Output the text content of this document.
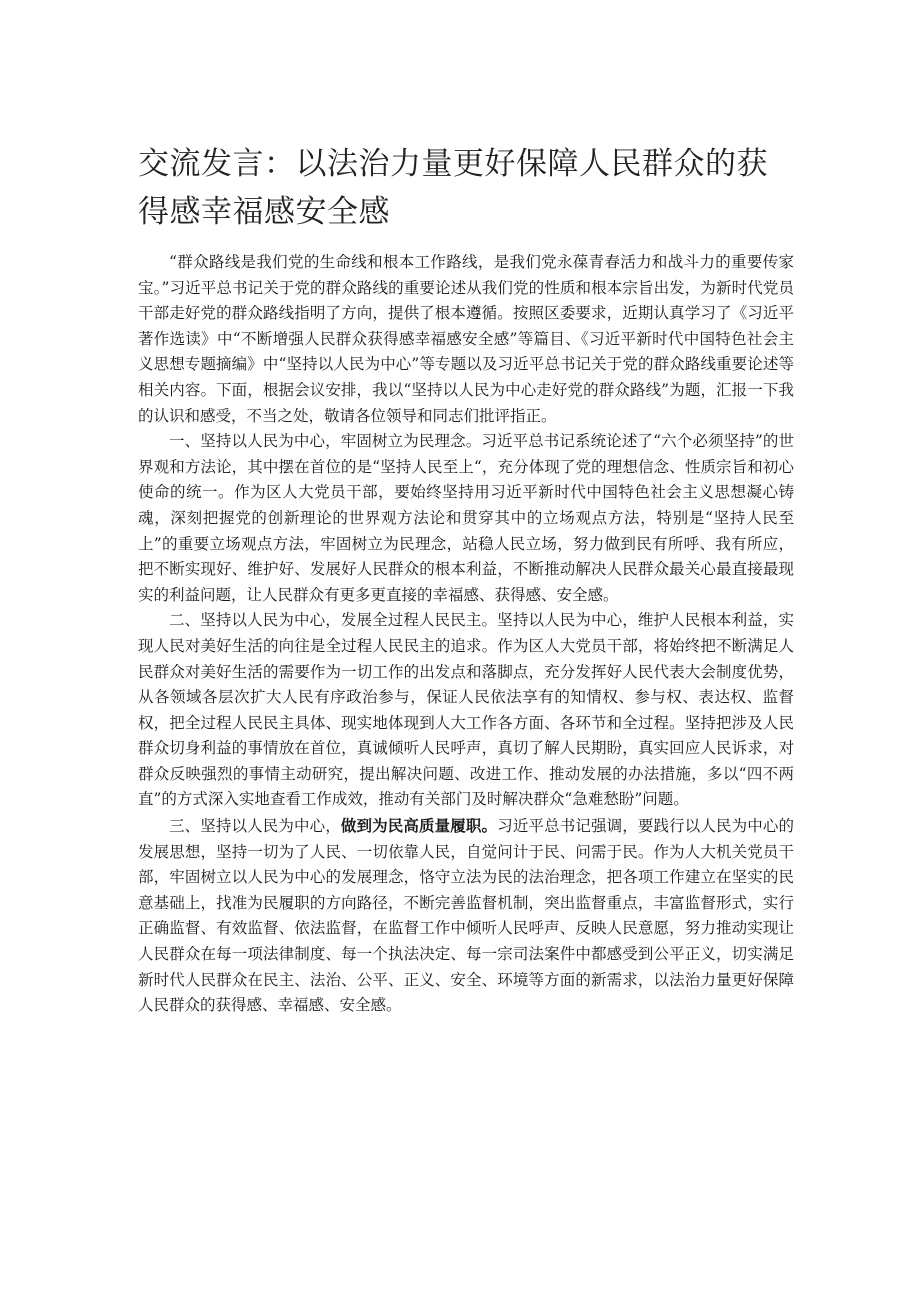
交流发言：以法治力量更好保障人民群众的获得感幸福感安全感

“群众路线是我们党的生命线和根本工作路线，是我们党永葆青春活力和战斗力的重要传家宝。”习近平总书记关于党的群众路线的重要论述从我们党的性质和根本宗旨出发，为新时代党员干部走好党的群众路线指明了方向，提供了根本遵循。按照区委要求，近期认真学习了《习近平著作选读》中“不断增强人民群众获得感幸福感安全感”等篇目、《习近平新时代中国特色社会主义思想专题摘编》中“坚持以人民为中心”等专题以及习近平总书记关于党的群众路线重要论述等相关内容。下面，根据会议安排，我以“坚持以人民为中心走好党的群众路线”为题，汇报一下我的认识和感受，不当之处，敬请各位领导和同志们批评指正。

一、坚持以人民为中心，牢固树立为民理念。习近平总书记系统论述了“六个必须坚持”的世界观和方法论，其中摆在首位的是“坚持人民至上“，充分体现了党的理想信念、性质宗旨和初心使命的统一。作为区人大党员干部，要始终坚持用习近平新时代中国特色社会主义思想凝心铸魂，深刻把握党的创新理论的世界观方法论和贯穿其中的立场观点方法，特别是“坚持人民至上”的重要立场观点方法，牢固树立为民理念，站稳人民立场，努力做到民有所呼、我有所应，把不断实现好、维护好、发展好人民群众的根本利益，不断推动解决人民群众最关心最直接最现实的利益问题，让人民群众有更多更直接的幸福感、获得感、安全感。

二、坚持以人民为中心，发展全过程人民民主。坚持以人民为中心，维护人民根本利益，实现人民对美好生活的向往是全过程人民民主的追求。作为区人大党员干部，将始终把不断满足人民群众对美好生活的需要作为一切工作的出发点和落脚点，充分发挥好人民代表大会制度优势，从各领域各层次扩大人民有序政治参与，保证人民依法享有的知情权、参与权、表达权、监督权，把全过程人民民主具体、现实地体现到人大工作各方面、各环节和全过程。坚持把涉及人民群众切身利益的事情放在首位，真诚倾听人民呼声，真切了解人民期盼，真实回应人民诉求，对群众反映强烈的事情主动研究，提出解决问题、改进工作、推动发展的办法措施，多以“四不两直”的方式深入实地查看工作成效，推动有关部门及时解决群众“急难愁盼”问题。

三、坚持以人民为中心，做到为民高质量履职。习近平总书记强调，要践行以人民为中心的发展思想，坚持一切为了人民、一切依靠人民，自觉问计于民、问需于民。作为人大机关党员干部，牢固树立以人民为中心的发展理念，恪守立法为民的法治理念，把各项工作建立在坚实的民意基础上，找准为民履职的方向路径，不断完善监督机制，突出监督重点，丰富监督形式，实行正确监督、有效监督、依法监督，在监督工作中倾听人民呼声、反映人民意愿，努力推动实现让人民群众在每一项法律制度、每一个执法决定、每一宗司法案件中都感受到公平正义，切实满足新时代人民群众在民主、法治、公平、正义、安全、环境等方面的新需求，以法治力量更好保障人民群众的获得感、幸福感、安全感。
